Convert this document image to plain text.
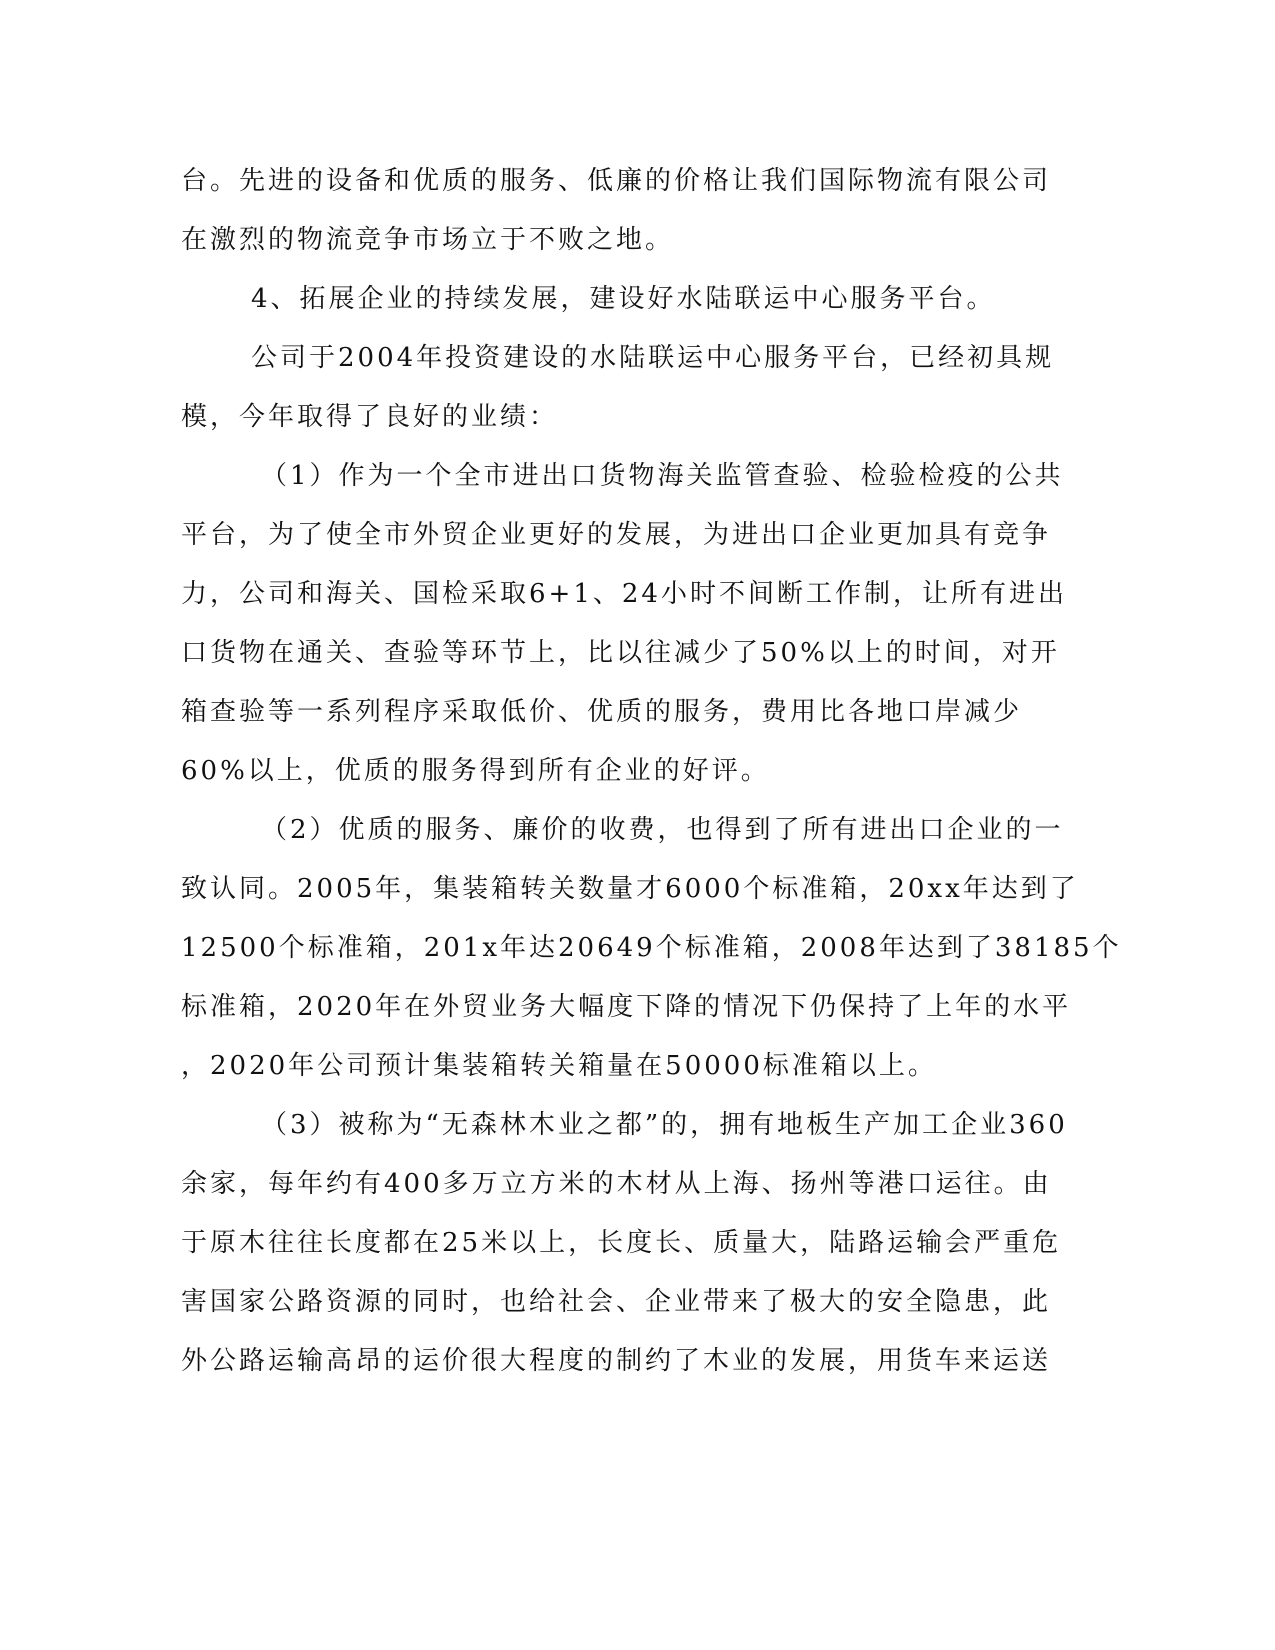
台。先进的设备和优质的服务、低廉的价格让我们国际物流有限公司
在激烈的物流竞争市场立于不败之地。
4、拓展企业的持续发展，建设好水陆联运中心服务平台。
公司于2004年投资建设的水陆联运中心服务平台，已经初具规
模，今年取得了良好的业绩：
（1）作为一个全市进出口货物海关监管查验、检验检疫的公共
平台，为了使全市外贸企业更好的发展，为进出口企业更加具有竞争
力，公司和海关、国检采取6+1、24小时不间断工作制，让所有进出
口货物在通关、查验等环节上，比以往减少了50%以上的时间，对开
箱查验等一系列程序采取低价、优质的服务，费用比各地口岸减少
60%以上，优质的服务得到所有企业的好评。
（2）优质的服务、廉价的收费，也得到了所有进出口企业的一
致认同。2005年，集装箱转关数量才6000个标准箱，20xx年达到了
12500个标准箱，201x年达20649个标准箱，2008年达到了38185个
标准箱，2020年在外贸业务大幅度下降的情况下仍保持了上年的水平
，2020年公司预计集装箱转关箱量在50000标准箱以上。
（3）被称为“无森林木业之都”的，拥有地板生产加工企业360
余家，每年约有400多万立方米的木材从上海、扬州等港口运往。由
于原木往往长度都在25米以上，长度长、质量大，陆路运输会严重危
害国家公路资源的同时，也给社会、企业带来了极大的安全隐患，此
外公路运输高昂的运价很大程度的制约了木业的发展，用货车来运送
